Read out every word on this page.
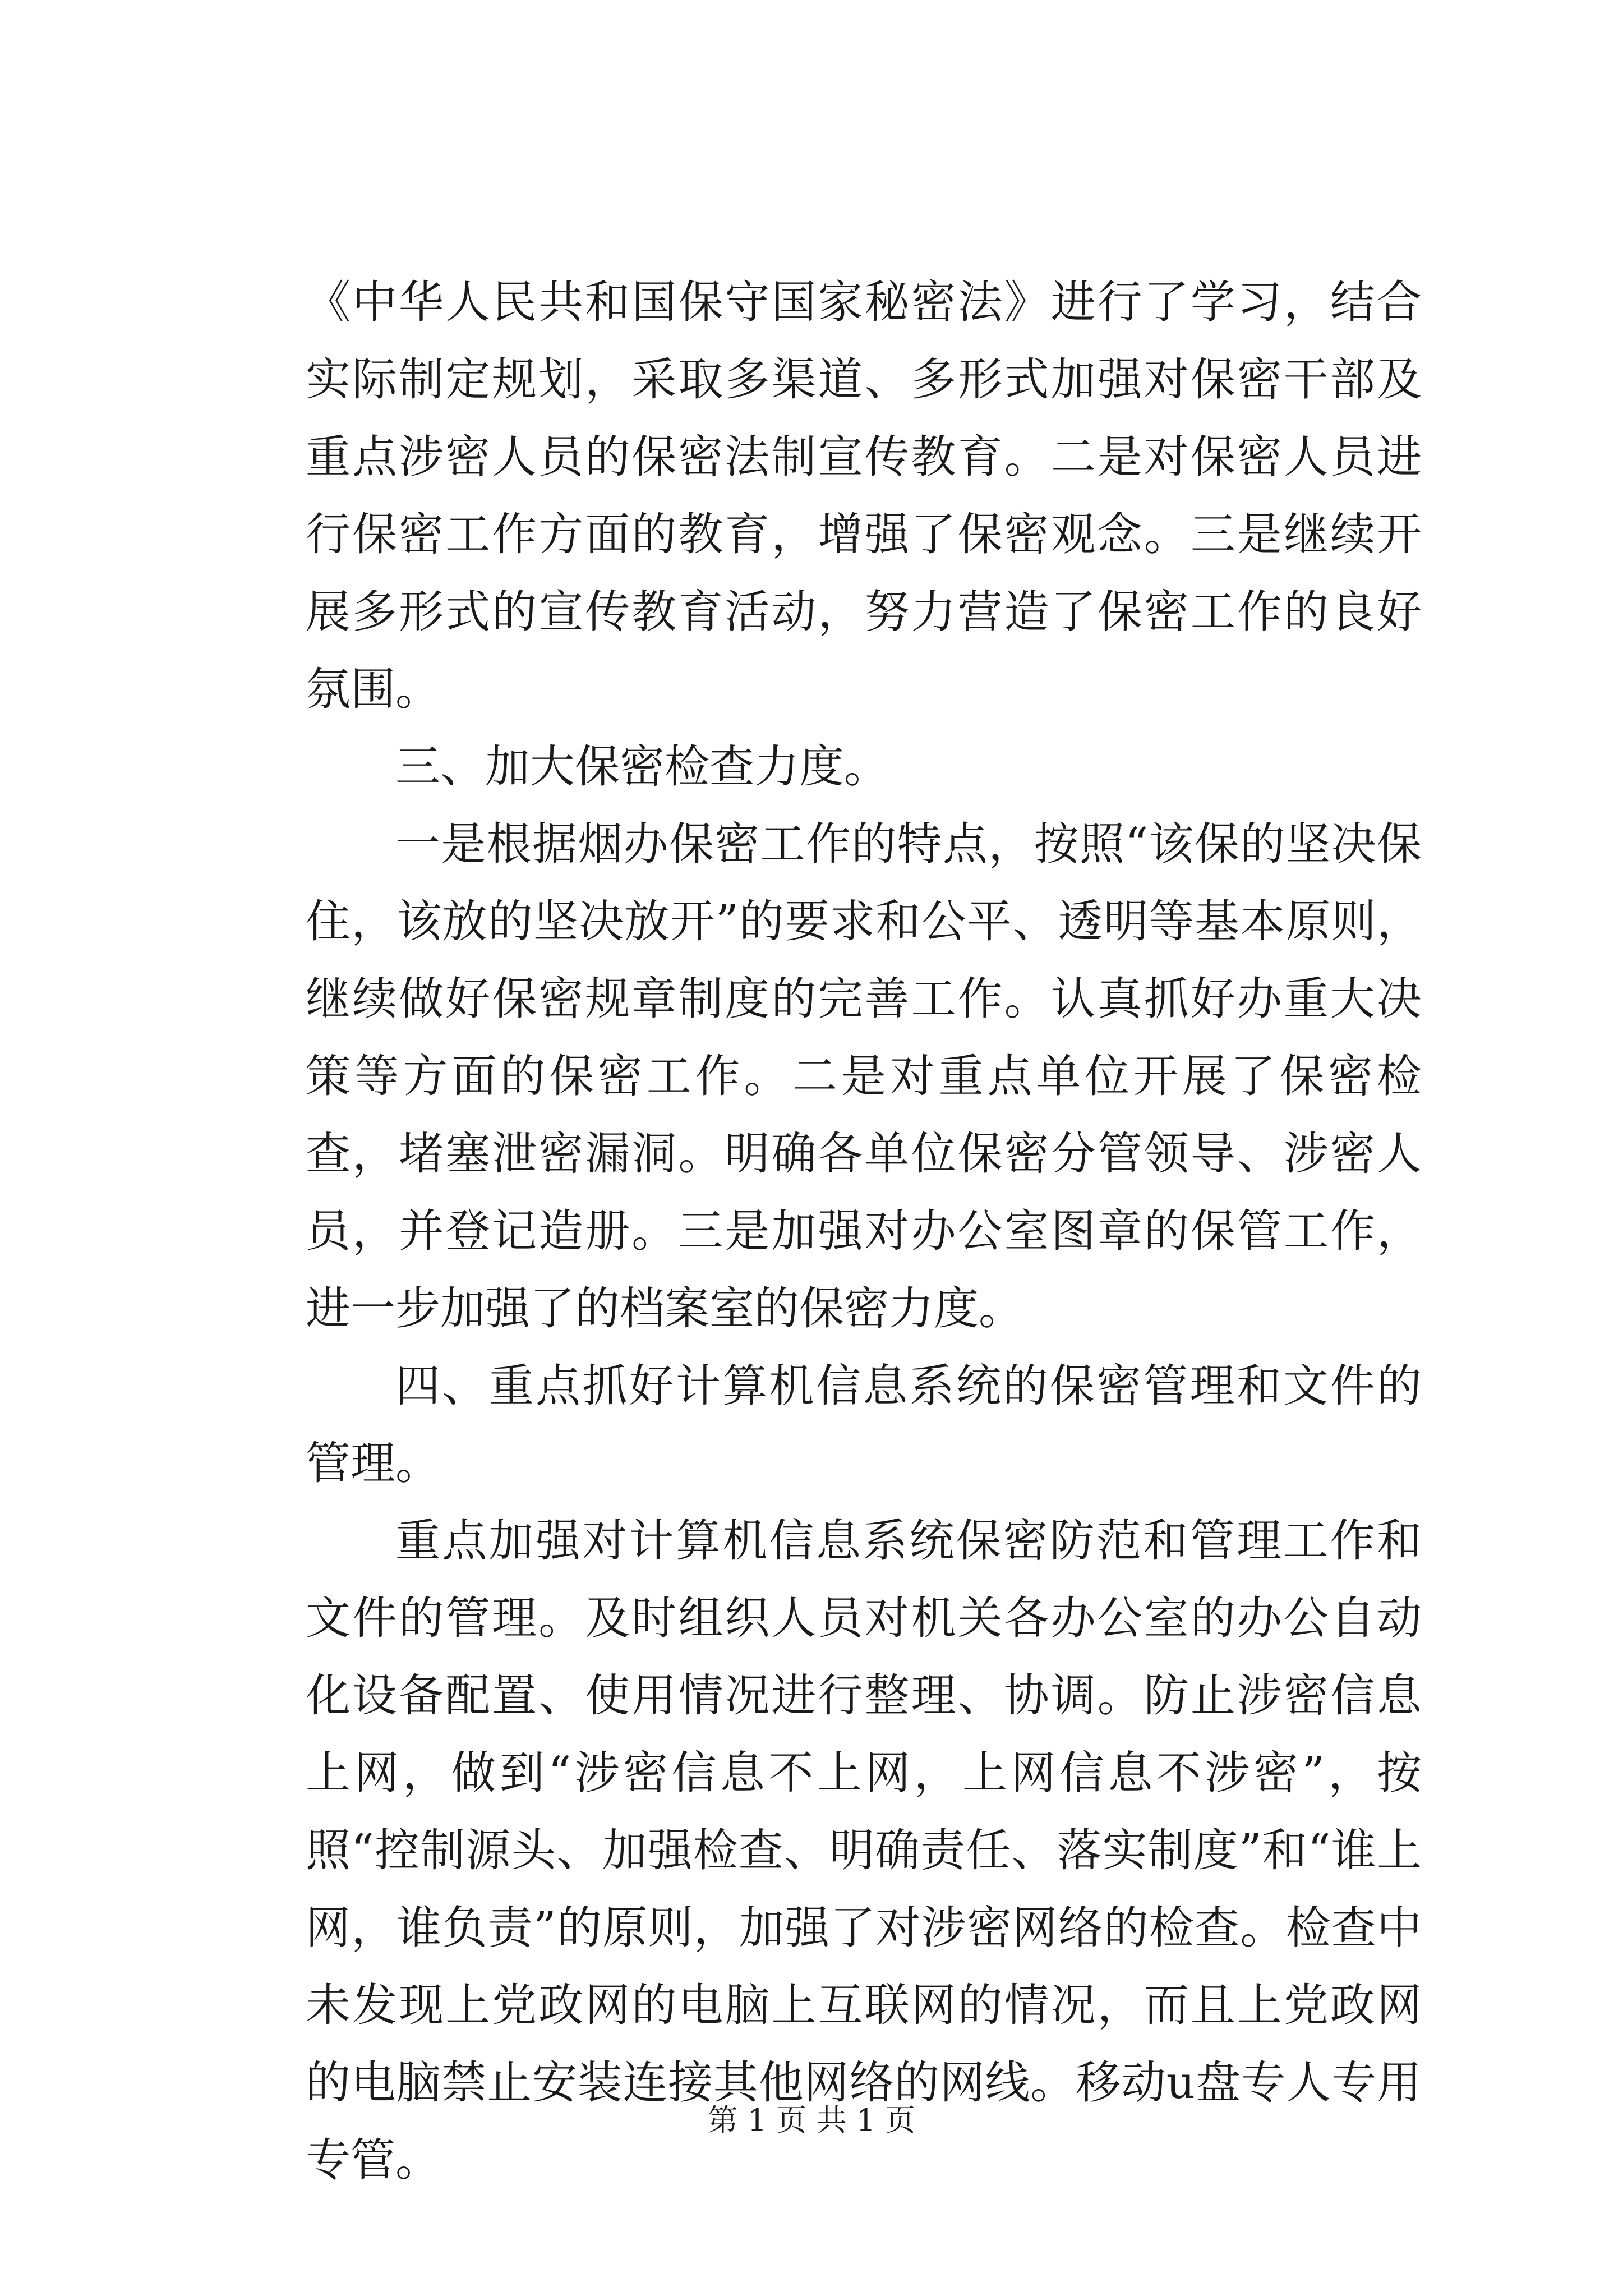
《中华人民共和国保守国家秘密法》进行了学习，结合实际制定规划，采取多渠道、多形式加强对保密干部及重点涉密人员的保密法制宣传教育。二是对保密人员进行保密工作方面的教育，增强了保密观念。三是继续开展多形式的宣传教育活动，努力营造了保密工作的良好氛围。

三、加大保密检查力度。

一是根据烟办保密工作的特点，按照“该保的坚决保住，该放的坚决放开”的要求和公平、透明等基本原则，继续做好保密规章制度的完善工作。认真抓好办重大决策等方面的保密工作。二是对重点单位开展了保密检查，堵塞泄密漏洞。明确各单位保密分管领导、涉密人员，并登记造册。三是加强对办公室图章的保管工作，进一步加强了的档案室的保密力度。

四、重点抓好计算机信息系统的保密管理和文件的管理。

重点加强对计算机信息系统保密防范和管理工作和文件的管理。及时组织人员对机关各办公室的办公自动化设备配置、使用情况进行整理、协调。防止涉密信息上网，做到“涉密信息不上网，上网信息不涉密”，按照“控制源头、加强检查、明确责任、落实制度”和“谁上网，谁负责”的原则，加强了对涉密网络的检查。检查中未发现上党政网的电脑上互联网的情况，而且上党政网的电脑禁止安装连接其他网络的网线。移动u盘专人专用专管。

第 1 页 共 1 页
